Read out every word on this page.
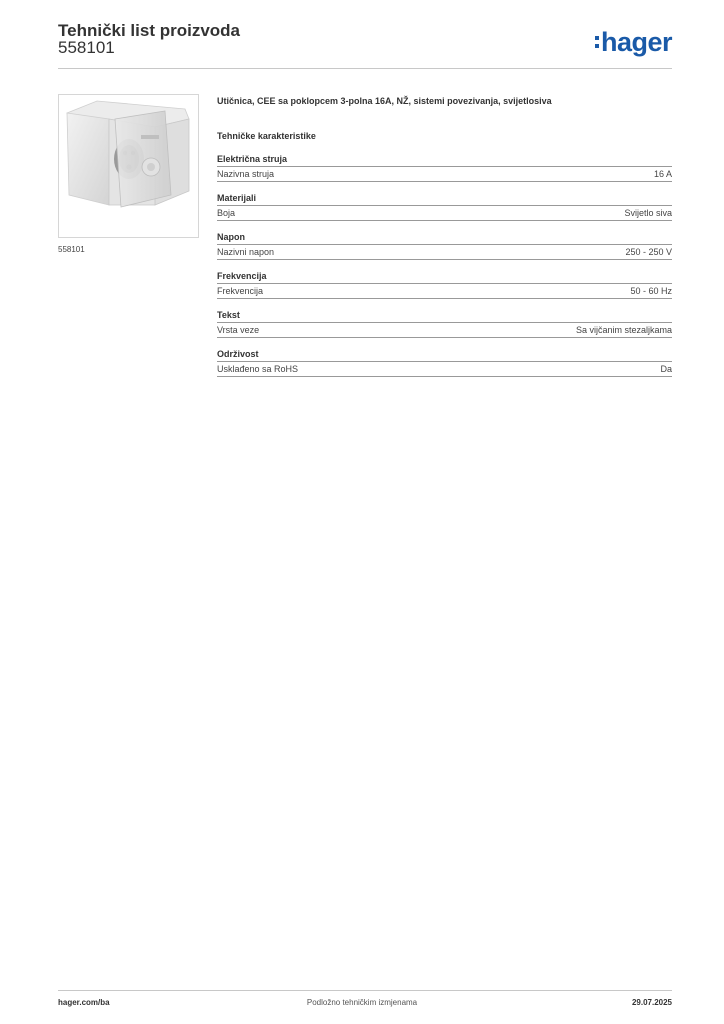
Tehnički list proizvoda
558101	hager
558101
Utičnica, CEE sa poklopcem 3-polna 16A, NŽ, sistemi povezivanja, svijetlosiva
Tehničke karakteristike
Električna struja
Nazivna struja	16 A
Materijali
Boja	Svijetlo siva
Napon
Nazivni napon	250 - 250 V
Frekvencija
Frekvencija	50 - 60 Hz
Tekst
Vrsta veze	Sa vijčanim stezaljkama
Održivost
Usklađeno sa RoHS	Da
hager.com/ba	Podložno tehničkim izmjenama	29.07.2025
